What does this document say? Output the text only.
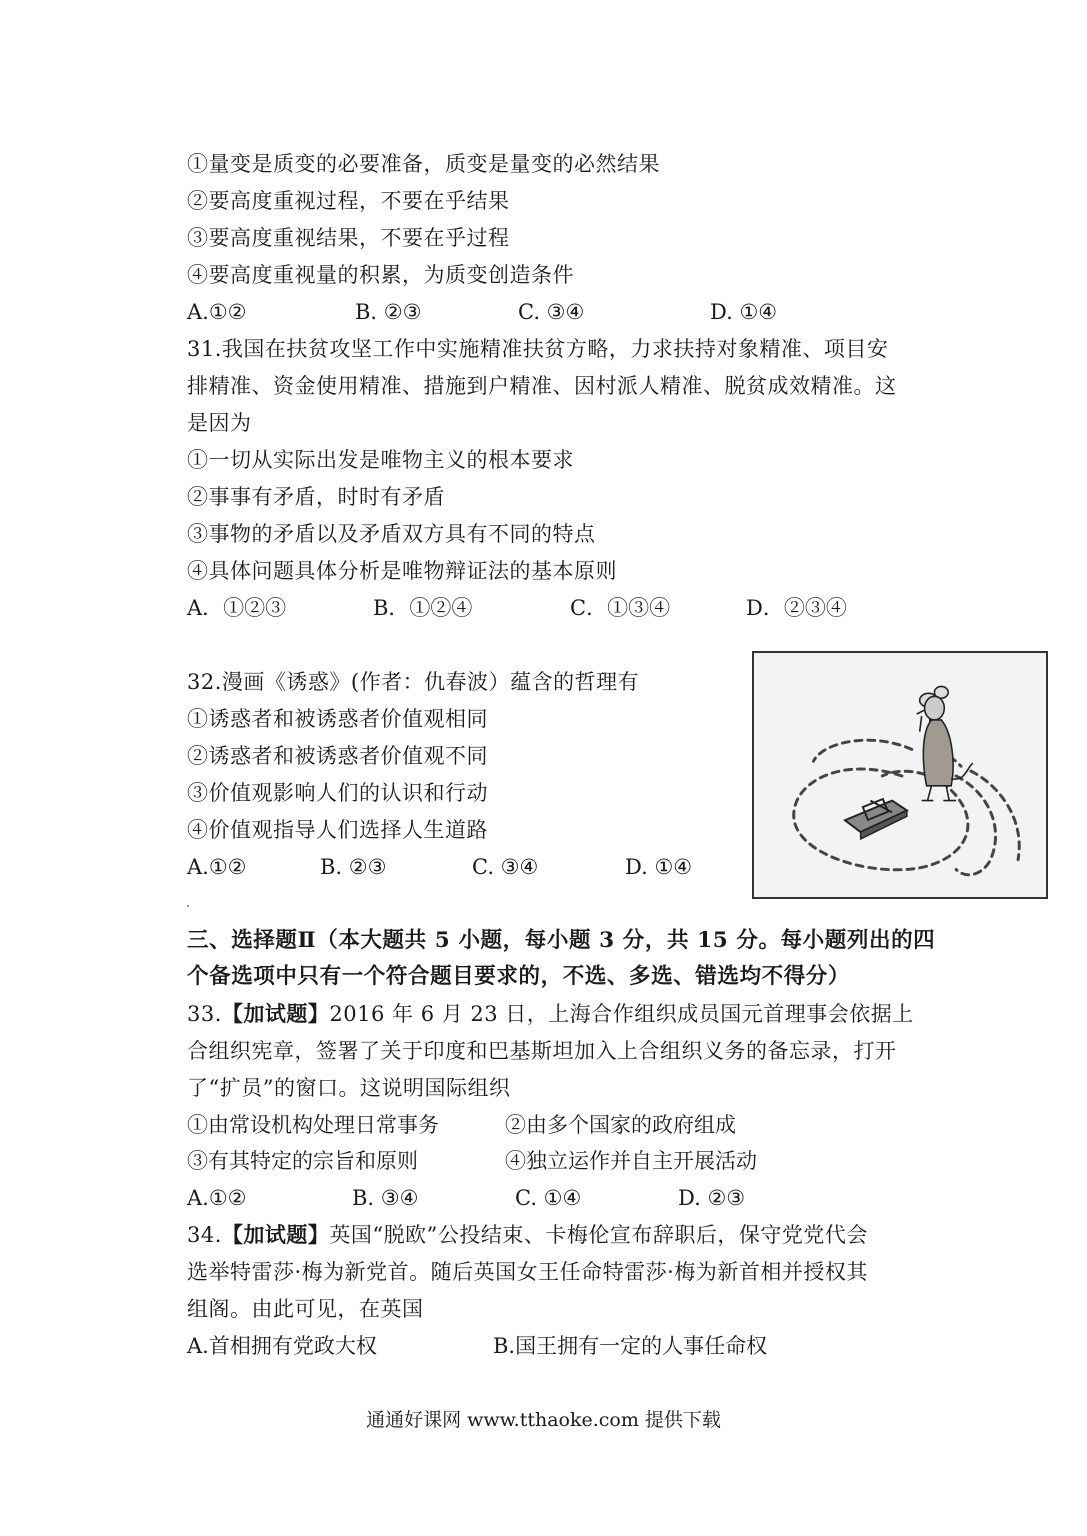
①量变是质变的必要准备，质变是量变的必然结果
②要高度重视过程，不要在乎结果
③要高度重视结果，不要在乎过程
④要高度重视量的积累，为质变创造条件
A.①②	B. ②③	C. ③④	D. ①④
31.我国在扶贫攻坚工作中实施精准扶贫方略，力求扶持对象精准、项目安
排精准、资金使用精准、措施到户精准、因村派人精准、脱贫成效精准。这
是因为
①一切从实际出发是唯物主义的根本要求
②事事有矛盾，时时有矛盾
③事物的矛盾以及矛盾双方具有不同的特点
④具体问题具体分析是唯物辩证法的基本原则
A．①②③	B．①②④	C．①③④	D．②③④
32.漫画《诱惑》(作者：仇春波）蕴含的哲理有
①诱惑者和被诱惑者价值观相同
②诱惑者和被诱惑者价值观不同
③价值观影响人们的认识和行动
④价值观指导人们选择人生道路
A.①②	B. ②③	C. ③④	D. ①④
三、选择题Ⅱ（本大题共 5 小题，每小题 3 分，共 15 分。每小题列出的四
个备选项中只有一个符合题目要求的，不选、多选、错选均不得分）
33.【加试题】2016 年 6 月 23 日，上海合作组织成员国元首理事会依据上
合组织宪章，签署了关于印度和巴基斯坦加入上合组织义务的备忘录，打开
了“扩员”的窗口。这说明国际组织
①由常设机构处理日常事务	②由多个国家的政府组成
③有其特定的宗旨和原则	④独立运作并自主开展活动
A.①②	B. ③④	C. ①④	D. ②③
34.【加试题】英国“脱欧”公投结束、卡梅伦宣布辞职后，保守党党代会
选举特雷莎·梅为新党首。随后英国女王任命特雷莎·梅为新首相并授权其
组阁。由此可见，在英国
A.首相拥有党政大权	B.国王拥有一定的人事任命权
通通好课网 www.tthaoke.com 提供下载
